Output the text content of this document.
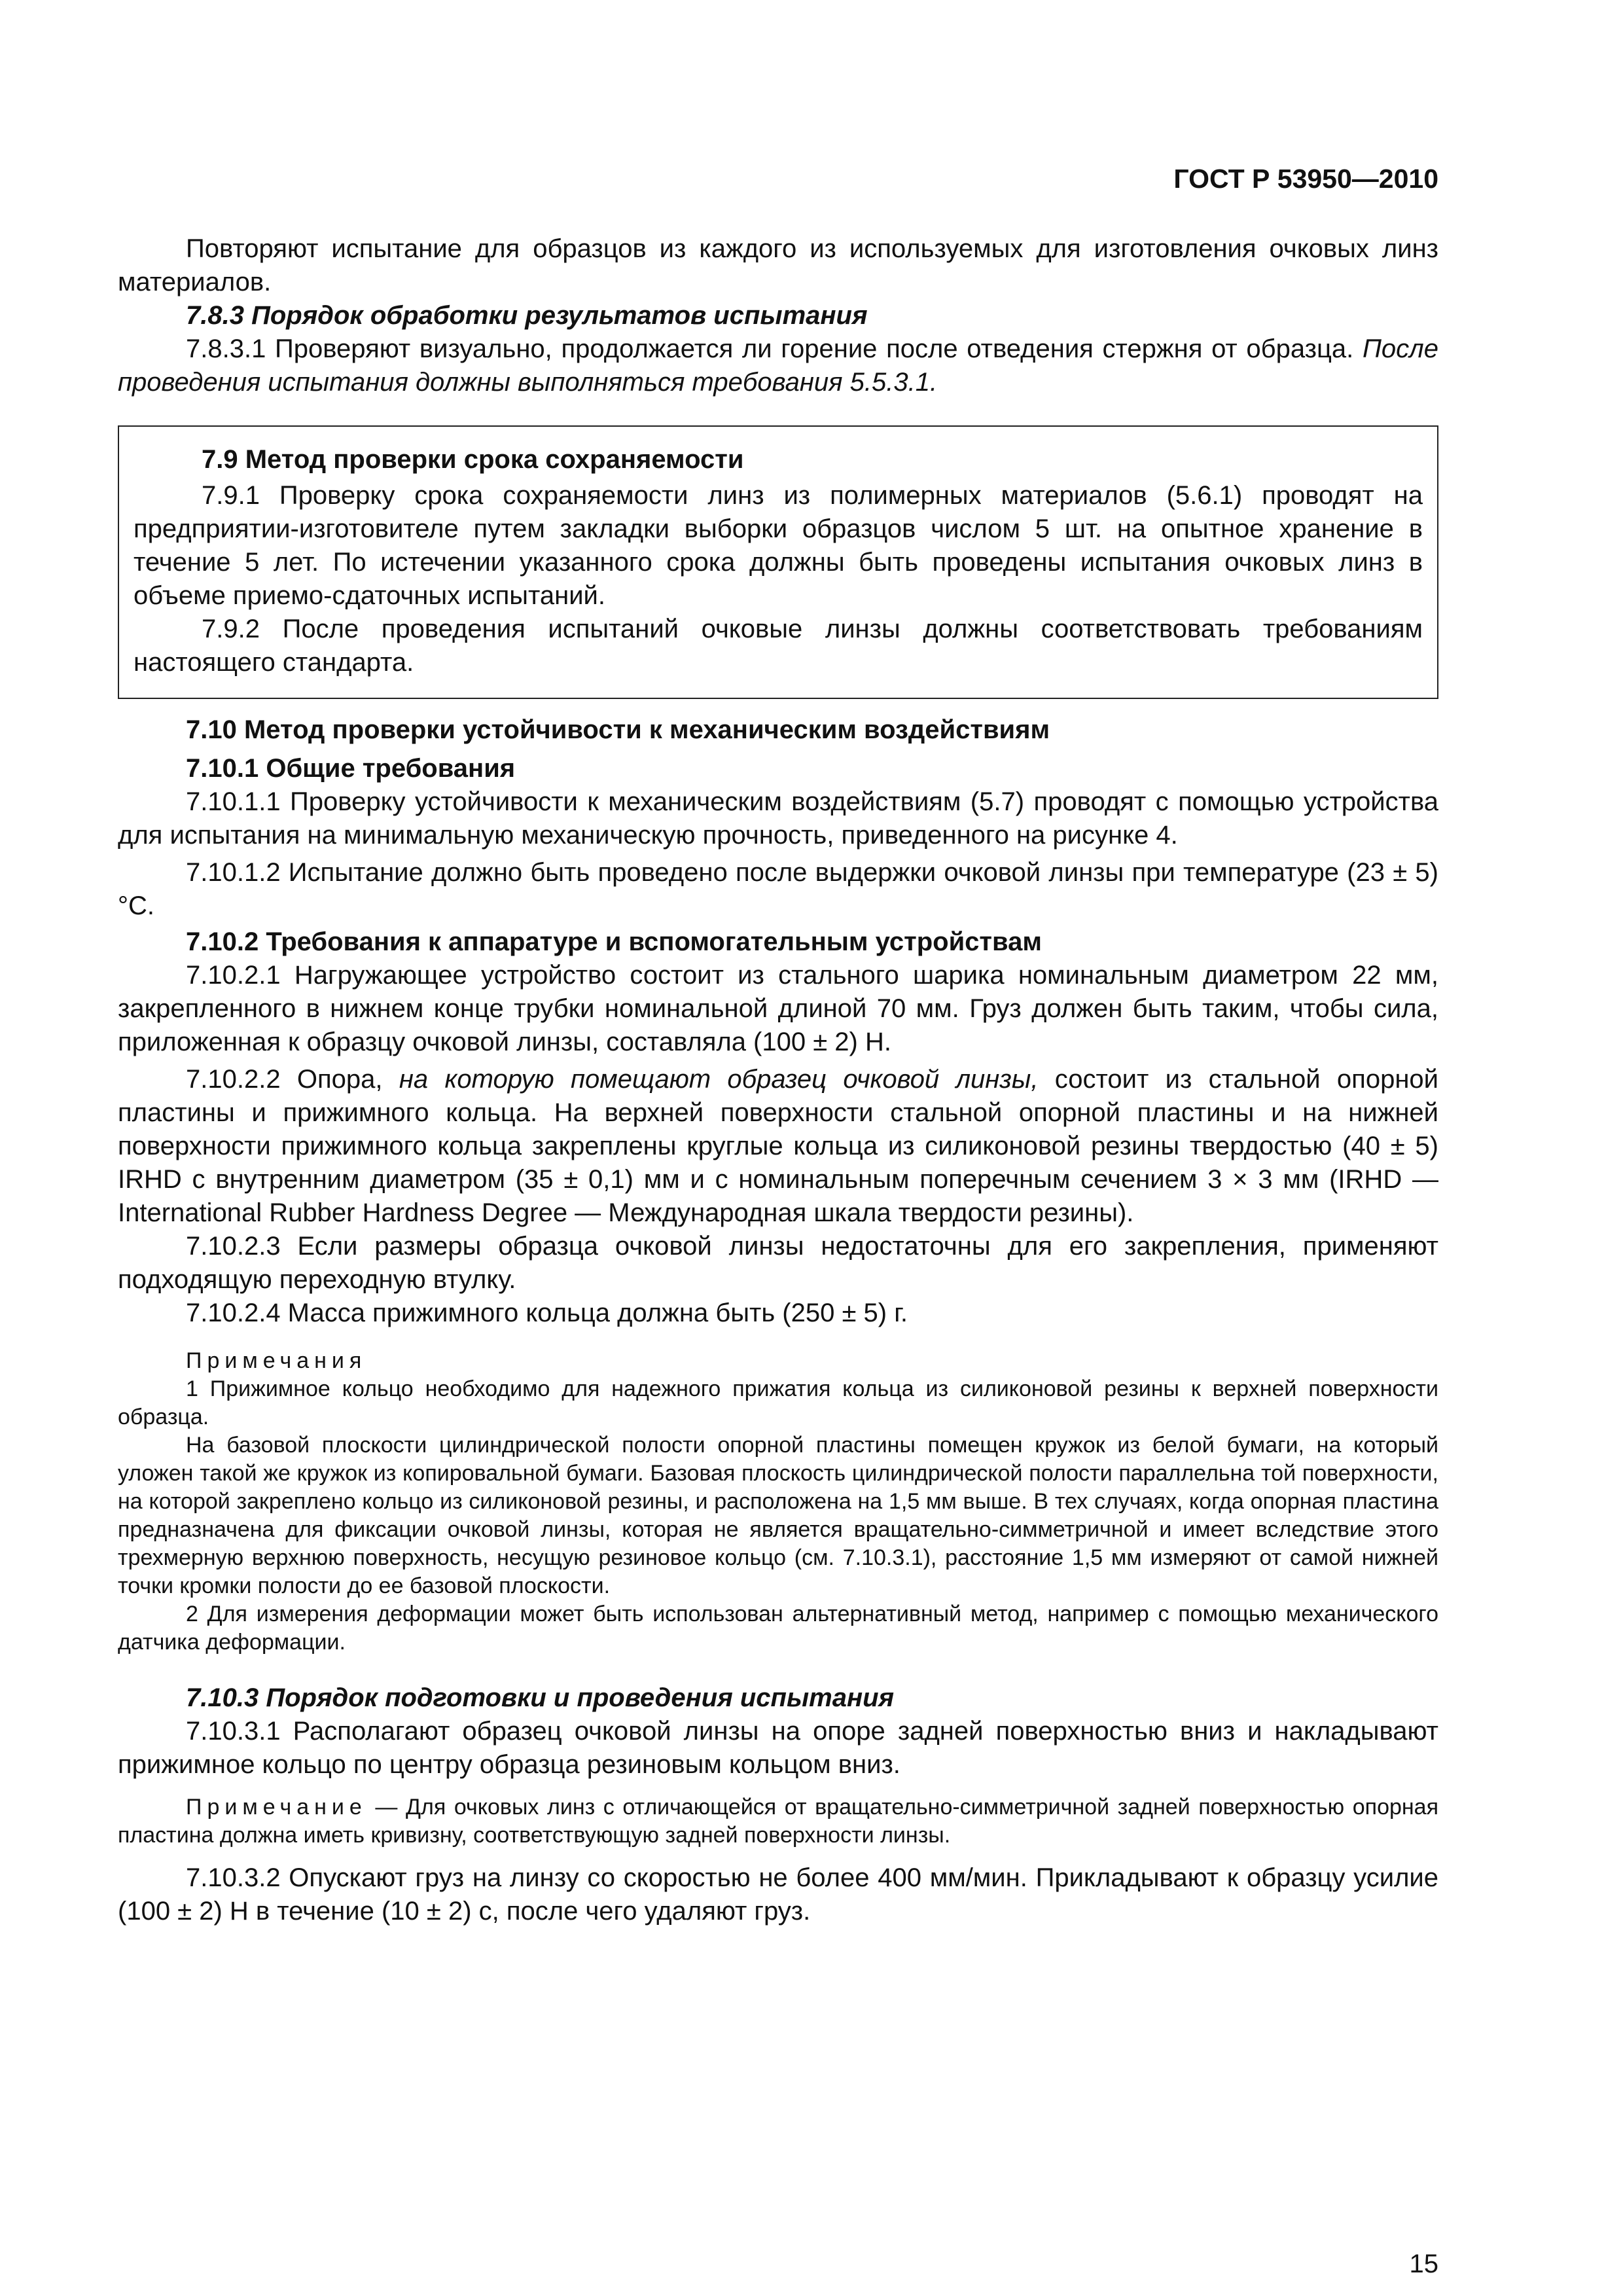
ГОСТ Р 53950—2010

Повторяют испытание для образцов из каждого из используемых для изготовления очковых линз материалов.

7.8.3 Порядок обработки результатов испытания

7.8.3.1 Проверяют визуально, продолжается ли горение после отведения стержня от образца. После проведения испытания должны выполняться требования 5.5.3.1.

7.9 Метод проверки срока сохраняемости

7.9.1 Проверку срока сохраняемости линз из полимерных материалов (5.6.1) проводят на предприятии-изготовителе путем закладки выборки образцов числом 5 шт. на опытное хранение в течение 5 лет. По истечении указанного срока должны быть проведены испытания очковых линз в объеме приемо-сдаточных испытаний.

7.9.2 После проведения испытаний очковые линзы должны соответствовать требованиям настоящего стандарта.

7.10 Метод проверки устойчивости к механическим воздействиям

7.10.1 Общие требования

7.10.1.1 Проверку устойчивости к механическим воздействиям (5.7) проводят с помощью устройства для испытания на минимальную механическую прочность, приведенного на рисунке 4.

7.10.1.2 Испытание должно быть проведено после выдержки очковой линзы при температуре (23 ± 5) °С.

7.10.2 Требования к аппаратуре и вспомогательным устройствам

7.10.2.1 Нагружающее устройство состоит из стального шарика номинальным диаметром 22 мм, закрепленного в нижнем конце трубки номинальной длиной 70 мм. Груз должен быть таким, чтобы сила, приложенная к образцу очковой линзы, составляла (100 ± 2) Н.

7.10.2.2 Опора, на которую помещают образец очковой линзы, состоит из стальной опорной пластины и прижимного кольца. На верхней поверхности стальной опорной пластины и на нижней поверхности прижимного кольца закреплены круглые кольца из силиконовой резины твердостью (40 ± 5) IRHD с внутренним диаметром (35 ± 0,1) мм и с номинальным поперечным сечением 3 × 3 мм (IRHD — International Rubber Hardness Degree — Международная шкала твердости резины).

7.10.2.3 Если размеры образца очковой линзы недостаточны для его закрепления, применяют подходящую переходную втулку.

7.10.2.4 Масса прижимного кольца должна быть (250 ± 5) г.

Примечания

1 Прижимное кольцо необходимо для надежного прижатия кольца из силиконовой резины к верхней поверхности образца.

На базовой плоскости цилиндрической полости опорной пластины помещен кружок из белой бумаги, на который уложен такой же кружок из копировальной бумаги. Базовая плоскость цилиндрической полости параллельна той поверхности, на которой закреплено кольцо из силиконовой резины, и расположена на 1,5 мм выше. В тех случаях, когда опорная пластина предназначена для фиксации очковой линзы, которая не является вращательно-симметричной и имеет вследствие этого трехмерную верхнюю поверхность, несущую резиновое кольцо (см. 7.10.3.1), расстояние 1,5 мм измеряют от самой нижней точки кромки полости до ее базовой плоскости.

2 Для измерения деформации может быть использован альтернативный метод, например с помощью механического датчика деформации.

7.10.3 Порядок подготовки и проведения испытания

7.10.3.1 Располагают образец очковой линзы на опоре задней поверхностью вниз и накладывают прижимное кольцо по центру образца резиновым кольцом вниз.

Примечание — Для очковых линз с отличающейся от вращательно-симметричной задней поверхностью опорная пластина должна иметь кривизну, соответствующую задней поверхности линзы.

7.10.3.2 Опускают груз на линзу со скоростью не более 400 мм/мин. Прикладывают к образцу усилие (100 ± 2) Н в течение (10 ± 2) с, после чего удаляют груз.

15
